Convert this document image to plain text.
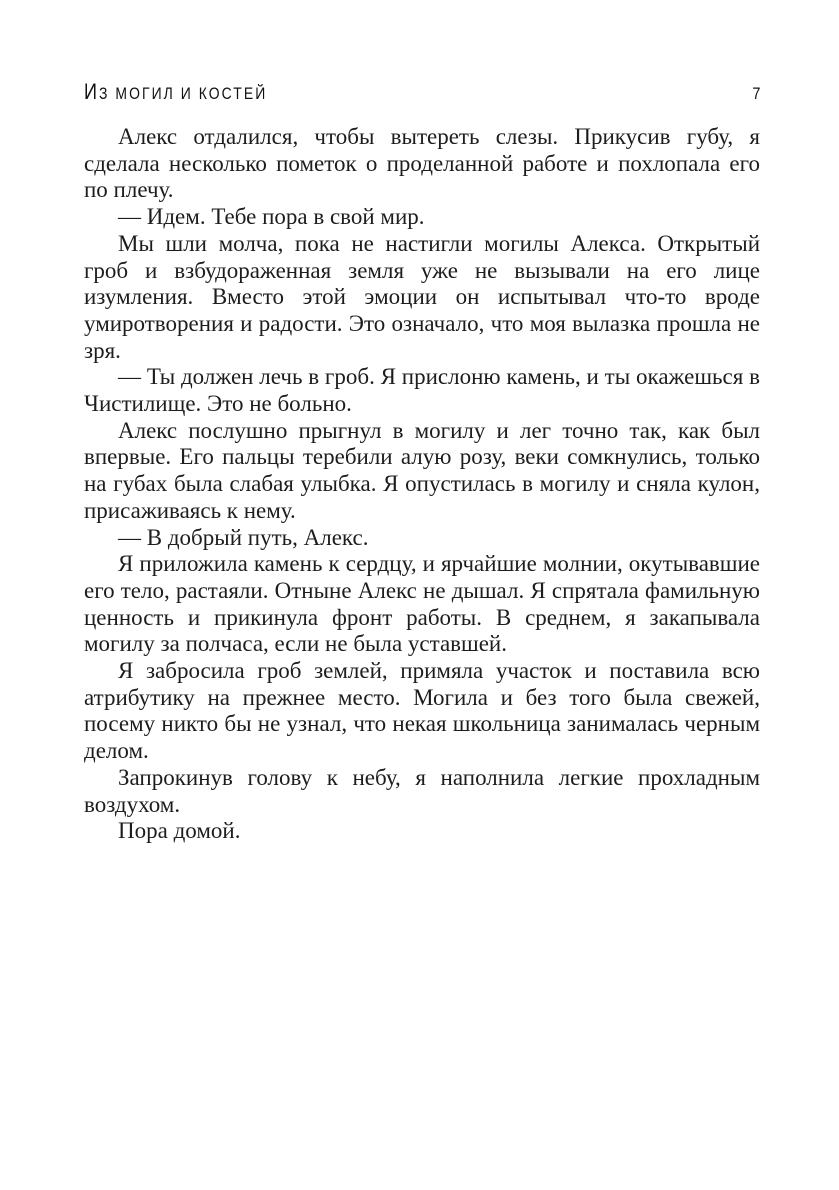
ИЗ МОГИЛ И КОСТЕЙ	7

Алекс отдалился, чтобы вытереть слезы. Прикусив губу, я сделала несколько пометок о проделанной работе и похлопала его по плечу.

— Идем. Тебе пора в свой мир.

Мы шли молча, пока не настигли могилы Алекса. Открытый гроб и взбудораженная земля уже не вызывали на его лице изумления. Вместо этой эмоции он испытывал что-то вроде умиротворения и радости. Это означало, что моя вылазка прошла не зря.

— Ты должен лечь в гроб. Я прислоню камень, и ты окажешься в Чистилище. Это не больно.

Алекс послушно прыгнул в могилу и лег точно так, как был впервые. Его пальцы теребили алую розу, веки сомкнулись, только на губах была слабая улыбка. Я опустилась в могилу и сняла кулон, присаживаясь к нему.

— В добрый путь, Алекс.

Я приложила камень к сердцу, и ярчайшие молнии, окутывавшие его тело, растаяли. Отныне Алекс не дышал. Я спрятала фамильную ценность и прикинула фронт работы. В среднем, я закапывала могилу за полчаса, если не была уставшей.

Я забросила гроб землей, примяла участок и поставила всю атрибутику на прежнее место. Могила и без того была свежей, посему никто бы не узнал, что некая школьница занималась черным делом.

Запрокинув голову к небу, я наполнила легкие прохладным воздухом.

Пора домой.
